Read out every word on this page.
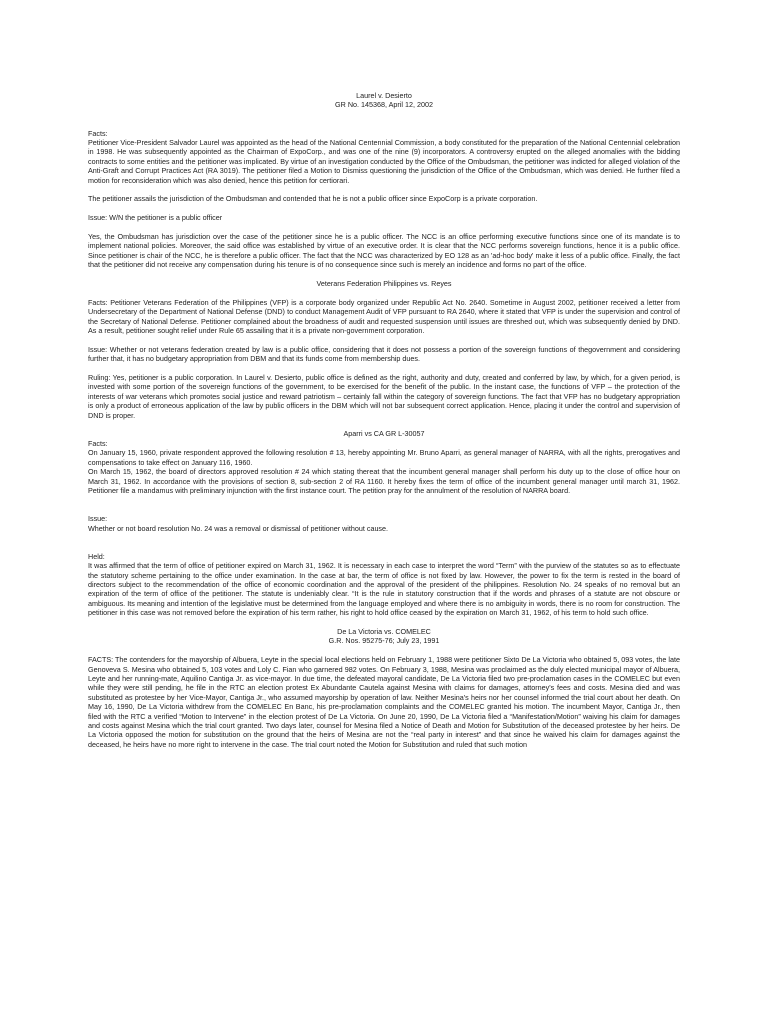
Laurel v. Desierto

GR No. 145368, April 12, 2002

Facts:

Petitioner Vice-President Salvador Laurel was appointed as the head of the National Centennial Commission, a body constituted for the preparation of the National Centennial celebration in 1998. He was subsequently appointed as the Chairman of ExpoCorp., and was one of the nine (9) incorporators. A controversy erupted on the alleged anomalies with the bidding contracts to some entities and the petitioner was implicated. By virtue of an investigation conducted by the Office of the Ombudsman, the petitioner was indicted for alleged violation of the Anti-Graft and Corrupt Practices Act (RA 3019). The petitioner filed a Motion to Dismiss questioning the jurisdiction of the Office of the Ombudsman, which was denied. He further filed a motion for reconsideration which was also denied, hence this petition for certiorari.

The petitioner assails the jurisdiction of the Ombudsman and contended that he is not a public officer since ExpoCorp is a private corporation.

Issue: W/N the petitioner is a public officer

Yes, the Ombudsman has jurisdiction over the case of the petitioner since he is a public officer. The NCC is an office performing executive functions since one of its mandate is to implement national policies. Moreover, the said office was established by virtue of an executive order. It is clear that the NCC performs sovereign functions, hence it is a public office. Since petitioner is chair of the NCC, he is therefore a public officer. The fact that the NCC was characterized by EO 128 as an 'ad-hoc body' make it less of a public office. Finally, the fact that the petitioner did not receive any compensation during his tenure is of no consequence since such is merely an incidence and forms no part of the office.

Veterans Federation Philippines vs. Reyes

Facts: Petitioner Veterans Federation of the Philippines (VFP) is a corporate body organized under Republic Act No. 2640. Sometime in August 2002, petitioner received a letter from Undersecretary of the Department of National Defense (DND) to conduct Management Audit of VFP pursuant to RA 2640, where it stated that VFP is under the supervision and control of the Secretary of National Defense. Petitioner complained about the broadness of audit and requested suspension until issues are threshed out, which was subsequently denied by DND. As a result, petitioner sought relief under Rule 65 assailing that it is a private non-government corporation.

Issue: Whether or not veterans federation created by law is a public office, considering that it does not possess a portion of the sovereign functions of thegovernment and considering further that, it has no budgetary appropriation from DBM and that its funds come from membership dues.

Ruling: Yes, petitioner is a public corporation. In Laurel v. Desierto, public office is defined as the right, authority and duty, created and conferred by law, by which, for a given period, is invested with some portion of the sovereign functions of the government, to be exercised for the benefit of the public. In the instant case, the functions of VFP – the protection of the interests of war veterans which promotes social justice and reward patriotism – certainly fall within the category of sovereign functions. The fact that VFP has no budgetary appropriation is only a product of erroneous application of the law by public officers in the DBM which will not bar subsequent correct application. Hence, placing it under the control and supervision of DND is proper.

Aparri vs CA GR L-30057

Facts:

On January 15, 1960, private respondent approved the following resolution # 13, hereby appointing Mr. Bruno Aparri, as general manager of NARRA, with all the rights, prerogatives and compensations to take effect on January 116, 1960.

On March 15, 1962, the board of directors approved resolution # 24 which stating thereat that the incumbent general manager shall perform his duty up to the close of office hour on March 31, 1962. In accordance with the provisions of section 8, sub-section 2 of RA 1160. It hereby fixes the term of office of the incumbent general manager until march 31, 1962. Petitioner file a mandamus with preliminary injunction with the first instance court. The petition pray for the annulment of the resolution of NARRA board.

Issue:

Whether or not board resolution No. 24 was a removal or dismissal of petitioner without cause.

Held:

It was affirmed that the term of office of petitioner expired on March 31, 1962. It is necessary in each case to interpret the word “Term” with the purview of the statutes so as to effectuate the statutory scheme pertaining to the office under examination. In the case at bar, the term of office is not fixed by law. However, the power to fix the term is rested in the board of directors subject to the recommendation of the office of economic coordination and the approval of the president of the philippines. Resolution No. 24 speaks of no removal but an expiration of the term of office of the petitioner. The statute is undeniably clear. “It is the rule in statutory construction that if the words and phrases of a statute are not obscure or ambiguous. Its meaning and intention of the legislative must be determined from the language employed and where there is no ambiguity in words, there is no room for construction. The petitioner in this case was not removed before the expiration of his term rather, his right to hold office ceased by the expiration on March 31, 1962, of his term to hold such office.

De La Victoria vs. COMELEC

G.R. Nos. 95275-76; July 23, 1991

FACTS: The contenders for the mayorship of Albuera, Leyte in the special local elections held on February 1, 1988 were petitioner Sixto De La Victoria who obtained 5, 093 votes, the late Genoveva S. Mesina who obtained 5, 103 votes and Loly C. Fian who garnered 982 votes. On February 3, 1988, Mesina was proclaimed as the duly elected municipal mayor of Albuera, Leyte and her running-mate, Aquilino Cantiga Jr. as vice-mayor. In due time, the defeated mayoral candidate, De La Victoria filed two pre-proclamation cases in the COMELEC but even while they were still pending, he file in the RTC an election protest Ex Abundante Cautela against Mesina with claims for damages, attorney's fees and costs. Mesina died and was substituted as protestee by her Vice-Mayor, Cantiga Jr., who assumed mayorship by operation of law. Neither Mesina's heirs nor her counsel informed the trial court about her death. On May 16, 1990, De La Victoria withdrew from the COMELEC En Banc, his pre-proclamation complaints and the COMELEC granted his motion. The incumbent Mayor, Cantiga Jr., then filed with the RTC a verified “Motion to Intervene” in the election protest of De La Victoria. On June 20, 1990, De La Victoria filed a “Manifestation/Motion” waiving his claim for damages and costs against Mesina which the trial court granted. Two days later, counsel for Mesina filed a Notice of Death and Motion for Substitution of the deceased protestee by her heirs. De La Victoria opposed the motion for substitution on the ground that the heirs of Mesina are not the “real party in interest” and that since he waived his claim for damages against the deceased, he heirs have no more right to intervene in the case. The trial court noted the Motion for Substitution and ruled that such motion
